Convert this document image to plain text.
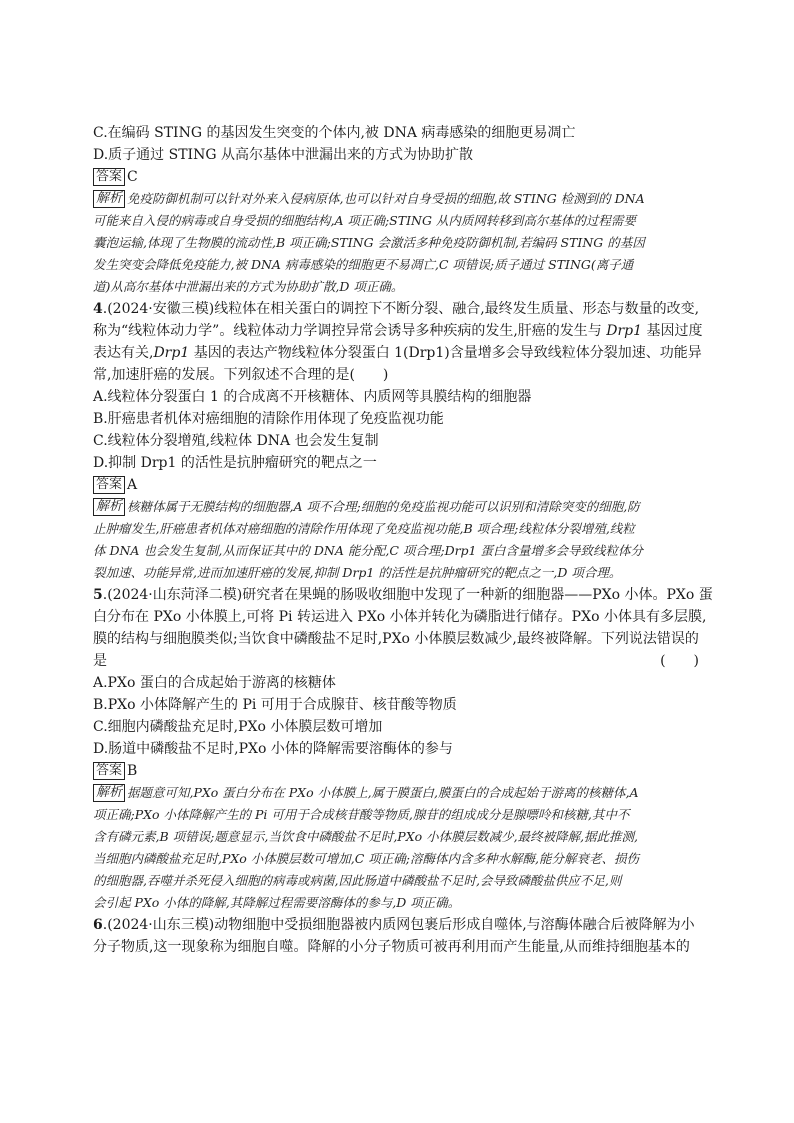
C.在编码 STING 的基因发生突变的个体内,被 DNA 病毒感染的细胞更易凋亡
D.质子通过 STING 从高尔基体中泄漏出来的方式为协助扩散
答案 C
解析 免疫防御机制可以针对外来入侵病原体,也可以针对自身受损的细胞,故 STING 检测到的 DNA
可能来自入侵的病毒或自身受损的细胞结构,A 项正确;STING 从内质网转移到高尔基体的过程需要
囊泡运输,体现了生物膜的流动性,B 项正确;STING 会激活多种免疫防御机制,若编码 STING 的基因
发生突变会降低免疫能力,被 DNA 病毒感染的细胞更不易凋亡,C 项错误;质子通过 STING(离子通
道)从高尔基体中泄漏出来的方式为协助扩散,D 项正确。
4.(2024·安徽三模)线粒体在相关蛋白的调控下不断分裂、融合,最终发生质量、形态与数量的改变,
称为“线粒体动力学”。线粒体动力学调控异常会诱导多种疾病的发生,肝癌的发生与 Drp1 基因过度
表达有关,Drp1 基因的表达产物线粒体分裂蛋白 1(Drp1)含量增多会导致线粒体分裂加速、功能异
常,加速肝癌的发展。下列叙述不合理的是(　　)
A.线粒体分裂蛋白 1 的合成离不开核糖体、内质网等具膜结构的细胞器
B.肝癌患者机体对癌细胞的清除作用体现了免疫监视功能
C.线粒体分裂增殖,线粒体 DNA 也会发生复制
D.抑制 Drp1 的活性是抗肿瘤研究的靶点之一
答案 A
解析 核糖体属于无膜结构的细胞器,A 项不合理;细胞的免疫监视功能可以识别和清除突变的细胞,防
止肿瘤发生,肝癌患者机体对癌细胞的清除作用体现了免疫监视功能,B 项合理;线粒体分裂增殖,线粒
体 DNA 也会发生复制,从而保证其中的 DNA 能分配,C 项合理;Drp1 蛋白含量增多会导致线粒体分
裂加速、功能异常,进而加速肝癌的发展,抑制 Drp1 的活性是抗肿瘤研究的靶点之一,D 项合理。
5.(2024·山东菏泽二模)研究者在果蝇的肠吸收细胞中发现了一种新的细胞器——PXo 小体。PXo 蛋
白分布在 PXo 小体膜上,可将 Pi 转运进入 PXo 小体并转化为磷脂进行储存。PXo 小体具有多层膜,
膜的结构与细胞膜类似;当饮食中磷酸盐不足时,PXo 小体膜层数减少,最终被降解。下列说法错误的
是	(　　)
A.PXo 蛋白的合成起始于游离的核糖体
B.PXo 小体降解产生的 Pi 可用于合成腺苷、核苷酸等物质
C.细胞内磷酸盐充足时,PXo 小体膜层数可增加
D.肠道中磷酸盐不足时,PXo 小体的降解需要溶酶体的参与
答案 B
解析 据题意可知,PXo 蛋白分布在 PXo 小体膜上,属于膜蛋白,膜蛋白的合成起始于游离的核糖体,A
项正确;PXo 小体降解产生的 Pi 可用于合成核苷酸等物质,腺苷的组成成分是腺嘌呤和核糖,其中不
含有磷元素,B 项错误;题意显示,当饮食中磷酸盐不足时,PXo 小体膜层数减少,最终被降解,据此推测,
当细胞内磷酸盐充足时,PXo 小体膜层数可增加,C 项正确;溶酶体内含多种水解酶,能分解衰老、损伤
的细胞器,吞噬并杀死侵入细胞的病毒或病菌,因此肠道中磷酸盐不足时,会导致磷酸盐供应不足,则
会引起 PXo 小体的降解,其降解过程需要溶酶体的参与,D 项正确。
6.(2024·山东三模)动物细胞中受损细胞器被内质网包裹后形成自噬体,与溶酶体融合后被降解为小
分子物质,这一现象称为细胞自噬。降解的小分子物质可被再利用而产生能量,从而维持细胞基本的
